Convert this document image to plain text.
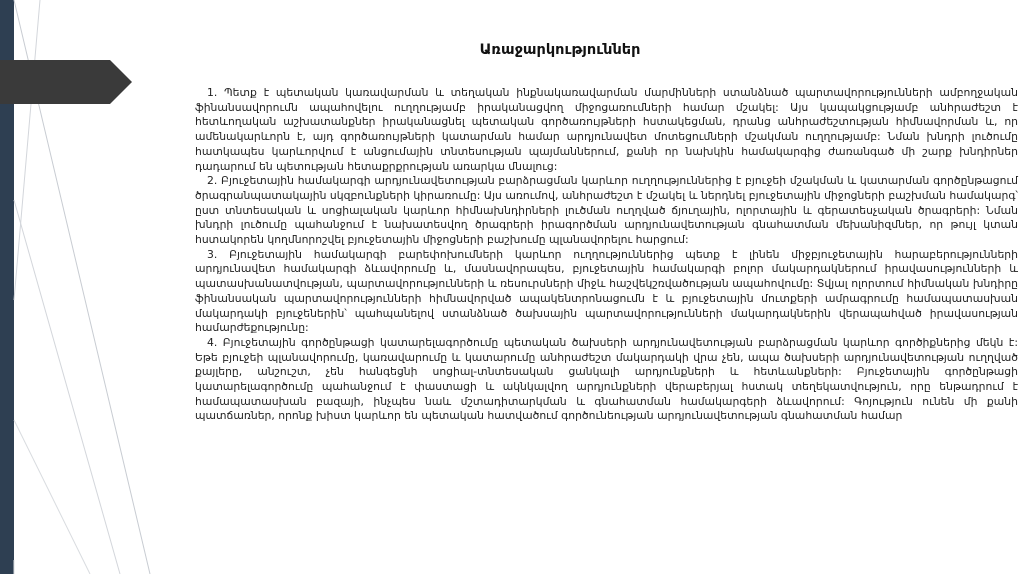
Առաջարկություններ

1. Պետք է պետական կառավարման և տեղական ինքնակառավարման մարմինների ստանձնած պարտավորությունների ամբողջական ֆինանսավորումն ապահովելու ուղղությամբ իրականացվող միջոցառումների համար մշակել: Այս կապակցությամբ անհրաժեշտ է հետևողական աշխատանքներ իրականացնել պետական գործառույթների հստակեցման, դրանց անհրաժեշտության հիմնավորման և, որ ամենակարևորն է, այդ գործառույթների կատարման համար արդյունավետ մոտեցումների մշակման ուղղությամբ: Նման խնդրի լուծումը հատկապես կարևորվում է անցումային տնտեսության պայմաններում, քանի որ նախկին համակարգից ժառանգած մի շարք խնդիրներ դադարում են պետության հետաքրքրության առարկա մնալուց:

2. Բյուջետային համակարգի արդյունավետության բարձրացման կարևոր ուղղություններից է բյուջեի մշակման և կատարման գործընթացում ծրագրանպատակային սկզբունքների կիրառումը: Այս առումով, անհրաժեշտ է մշակել և ներդնել բյուջետային միջոցների բաշխման համակարգ՝ ըստ տնտեսական և սոցիալական կարևոր հիմնախնդիրների լուծման ուղղված ճյուղային, ոլորտային և գերատեսչական ծրագրերի: Նման խնդրի լուծումը պահանջում է նախատեսվող ծրագրերի իրագործման արդյունավետության գնահատման մեխանիզմներ, որ թույլ կտան հստակորեն կողմնորոշվել բյուջետային միջոցների բաշխումը պլանավորելու հարցում:

3. Բյուջետային համակարգի բարեփոխումների կարևոր ուղղություններից պետք է լինեն միջբյուջետային հարաբերությունների արդյունավետ համակարգի ձևավորումը և, մասնավորապես, բյուջետային համակարգի բոլոր մակարդակներում իրավասությունների և պատասխանատվության, պարտավորությունների և ռեսուրսների միջև հաշվեկշռվածության ապահովումը: Տվյալ ոլորտում հիմնական խնդիրը ֆինանսական պարտավորությունների հիմնավորված ապակենտրոնացումն է և բյուջետային մուտքերի ամրագրումը համապատասխան մակարդակի բյուջեներին՝ պահպանելով ստանձնած ծախսային պարտավորությունների մակարդակներին վերապահված իրավասության համարժեքությունը:

4. Բյուջետային գործընթացի կատարելագործումը պետական ծախսերի արդյունավետության բարձրացման կարևոր գործիքներից մեկն է: Եթե բյուջեի պլանավորումը, կառավարումը և կատարումը անհրաժեշտ մակարդակի վրա չեն, ապա ծախսերի արդյունավետության ուղղված քայլերը, անշուշտ, չեն հանգեցնի սոցիալ-տնտեսական ցանկալի արդյունքների և հետևանքների: Բյուջետային գործընթացի կատարելագործումը պահանջում է փաստացի և ակնկալվող արդյունքների վերաբերյալ հստակ տեղեկատվություն, որը ենթադրում է համապատասխան բազայի, ինչպես նաև մշտադիտարկման և գնահատման համակարգերի ձևավորում: Գոյություն ունեն մի քանի պատճառներ, որոնք խիստ կարևոր են պետական հատվածում գործունեության արդյունավետության գնահատման համար
